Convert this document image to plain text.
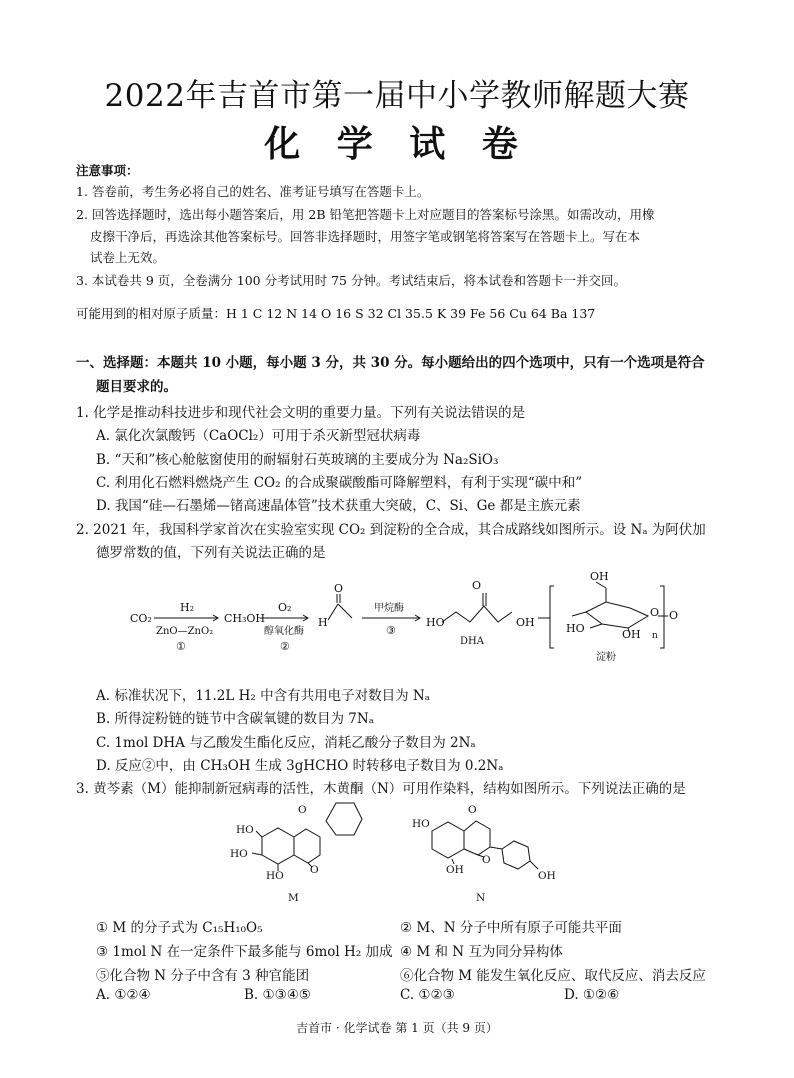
2022年吉首市第一届中小学教师解题大赛
化 学 试 卷
注意事项：
1. 答卷前，考生务必将自己的姓名、准考证号填写在答题卡上。
2. 回答选择题时，选出每小题答案后，用 2B 铅笔把答题卡上对应题目的答案标号涂黑。如需改动，用橡
皮擦干净后，再选涂其他答案标号。回答非选择题时，用签字笔或钢笔将答案写在答题卡上。写在本
试卷上无效。
3. 本试卷共 9 页，全卷满分 100 分考试用时 75 分钟。考试结束后，将本试卷和答题卡一并交回。
可能用到的相对原子质量：H 1 C 12 N 14 O 16 S 32 Cl 35.5 K 39 Fe 56 Cu 64 Ba 137
一、选择题：本题共 10 小题，每小题 3 分，共 30 分。每小题给出的四个选项中，只有一个选项是符合
题目要求的。
1. 化学是推动科技进步和现代社会文明的重要力量。下列有关说法错误的是
A. 氯化次氯酸钙（CaOCl₂）可用于杀灭新型冠状病毒
B. “天和”核心舱舷窗使用的耐辐射石英玻璃的主要成分为 Na₂SiO₃
C. 利用化石燃料燃烧产生 CO₂ 的合成聚碳酸酯可降解塑料，有利于实现“碳中和”
D. 我国“硅—石墨烯—锗高速晶体管”技术获重大突破，C、Si、Ge 都是主族元素
2. 2021 年，我国科学家首次在实验室实现 CO₂ 到淀粉的全合成，其合成路线如图所示。设 Nₐ 为阿伏加
德罗常数的值，下列有关说法正确的是
CO₂
H₂
ZnO—ZnO₂
①
CH₃OH
O₂
醇氧化酶
②
H
O
甲烷酶
③
HO	OH
O
DHA
OH
HO	OH
O O
n
淀粉
A. 标准状况下，11.2L H₂ 中含有共用电子对数目为 Nₐ
B. 所得淀粉链的链节中含碳氧键的数目为 7Nₐ
C. 1mol DHA 与乙酸发生酯化反应，消耗乙酸分子数目为 2Nₐ
D. 反应②中，由 CH₃OH 生成 3gHCHO 时转移电子数目为 0.2Nₐ
3. 黄芩素（M）能抑制新冠病毒的活性，木黄酮（N）可用作染料，结构如图所示。下列说法正确的是
HO
HO
HO
O
O
M
HO
O
O
OH	OH
N
① M 的分子式为 C₁₅H₁₀O₅	② M、N 分子中所有原子可能共平面
③ 1mol N 在一定条件下最多能与 6mol H₂ 加成 ④ M 和 N 互为同分异构体
⑤化合物 N 分子中含有 3 种官能团	⑥化合物 M 能发生氧化反应、取代反应、消去反应
A. ①②④	B. ①③④⑤	C. ①②③	D. ①②⑥
吉首市 · 化学试卷 第 1 页（共 9 页）
